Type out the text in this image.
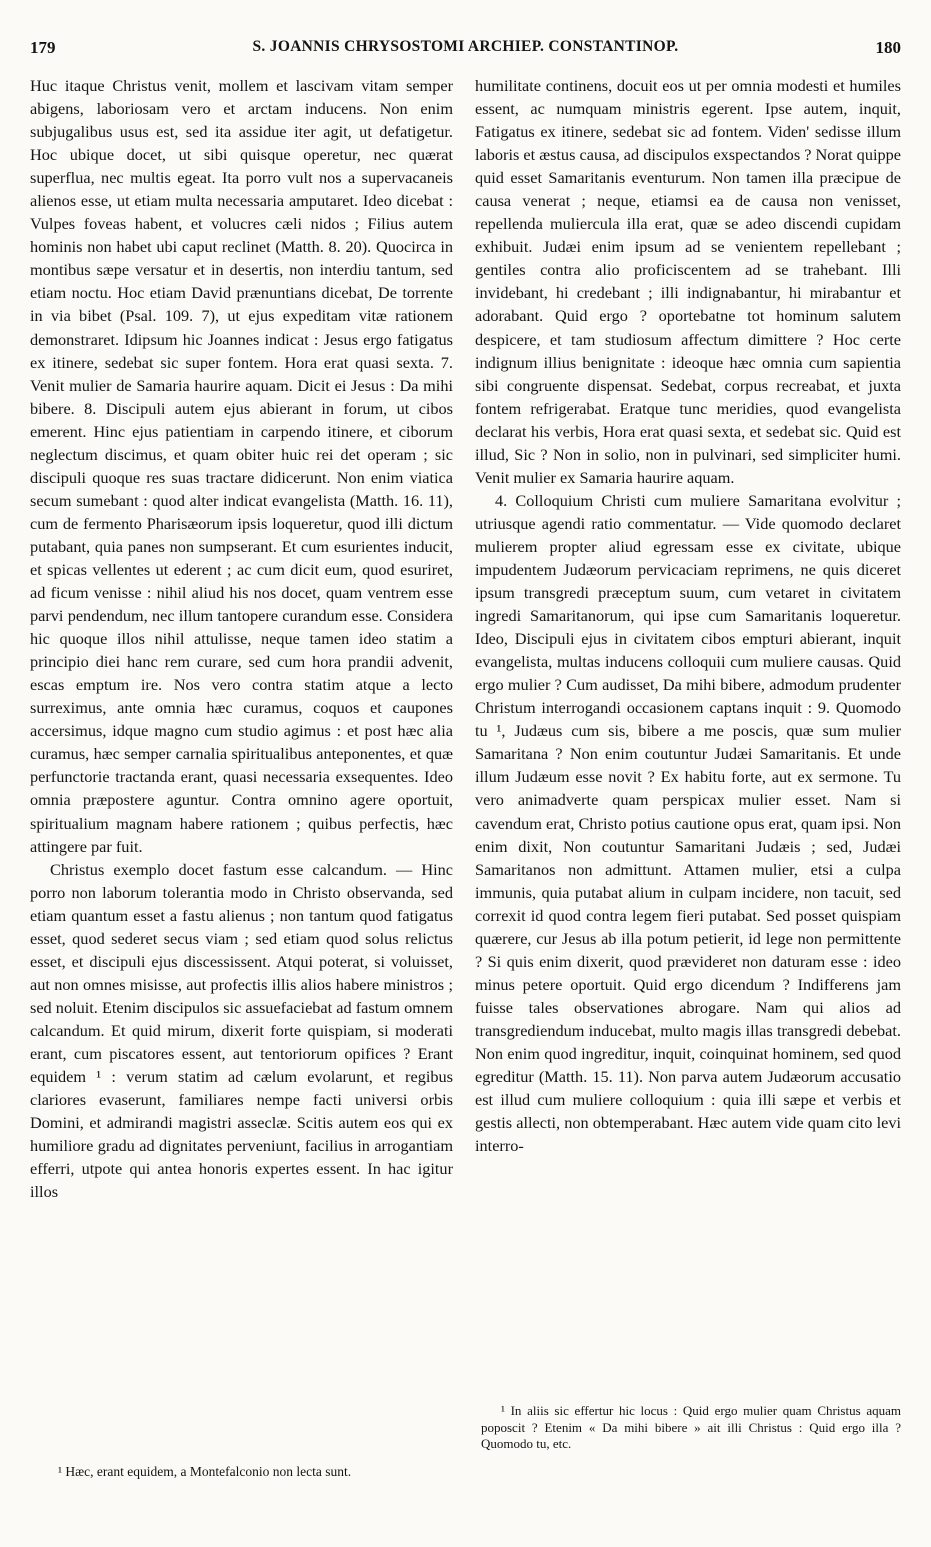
179	S. JOANNIS CHRYSOSTOMI ARCHIEP. CONSTANTINOP.	180

Huc itaque Christus venit, mollem et lascivam vitam semper abigens, laboriosam vero et arctam inducens. Non enim subjugalibus usus est, sed ita assidue iter agit, ut defatigetur. Hoc ubique docet, ut sibi quisque operetur, nec quærat superflua, nec multis egeat. Ita porro vult nos a supervacaneis alienos esse, ut etiam multa necessaria amputaret. Ideo dicebat : Vulpes foveas habent, et volucres cæli nidos ; Filius autem hominis non habet ubi caput reclinet (Matth. 8. 20). Quocirca in montibus sæpe versatur et in desertis, non interdiu tantum, sed etiam noctu. Hoc etiam David prænuntians dicebat, De torrente in via bibet (Psal. 109. 7), ut ejus expeditam vitæ rationem demonstraret. Idipsum hic Joannes indicat : Jesus ergo fatigatus ex itinere, sedebat sic super fontem. Hora erat quasi sexta. 7. Venit mulier de Samaria haurire aquam. Dicit ei Jesus : Da mihi bibere. 8. Discipuli autem ejus abierant in forum, ut cibos emerent. Hinc ejus patientiam in carpendo itinere, et ciborum neglectum discimus, et quam obiter huic rei det operam ; sic discipuli quoque res suas tractare didicerunt. Non enim viatica secum sumebant : quod alter indicat evangelista (Matth. 16. 11), cum de fermento Pharisæorum ipsis loqueretur, quod illi dictum putabant, quia panes non sumpserant. Et cum esurientes inducit, et spicas vellentes ut ederent ; ac cum dicit eum, quod esuriret, ad ficum venisse : nihil aliud his nos docet, quam ventrem esse parvi pendendum, nec illum tantopere curandum esse. Considera hic quoque illos nihil attulisse, neque tamen ideo statim a principio diei hanc rem curare, sed cum hora prandii advenit, escas emptum ire. Nos vero contra statim atque a lecto surreximus, ante omnia hæc curamus, coquos et caupones accersimus, idque magno cum studio agimus : et post hæc alia curamus, hæc semper carnalia spiritualibus anteponentes, et quæ perfunctorie tractanda erant, quasi necessaria exsequentes. Ideo omnia præpostere aguntur. Contra omnino agere oportuit, spiritualium magnam habere rationem ; quibus perfectis, hæc attingere par fuit.

Christus exemplo docet fastum esse calcandum. — Hinc porro non laborum tolerantia modo in Christo observanda, sed etiam quantum esset a fastu alienus ; non tantum quod fatigatus esset, quod sederet secus viam ; sed etiam quod solus relictus esset, et discipuli ejus discessissent. Atqui poterat, si voluisset, aut non omnes misisse, aut profectis illis alios habere ministros ; sed noluit. Etenim discipulos sic assuefaciebat ad fastum omnem calcandum. Et quid mirum, dixerit forte quispiam, si moderati erant, cum piscatores essent, aut tentoriorum opifices ? Erant equidem ¹ : verum statim ad cælum evolarunt, et regibus clariores evaserunt, familiares nempe facti universi orbis Domini, et admirandi magistri asseclæ. Scitis autem eos qui ex humiliore gradu ad dignitates perveniunt, facilius in arrogantiam efferri, utpote qui antea honoris expertes essent. In hac igitur illos

humilitate continens, docuit eos ut per omnia modesti et humiles essent, ac numquam ministris egerent. Ipse autem, inquit, Fatigatus ex itinere, sedebat sic ad fontem. Viden' sedisse illum laboris et æstus causa, ad discipulos exspectandos ? Norat quippe quid esset Samaritanis eventurum. Non tamen illa præcipue de causa venerat ; neque, etiamsi ea de causa non venisset, repellenda muliercula illa erat, quæ se adeo discendi cupidam exhibuit. Judæi enim ipsum ad se venientem repellebant ; gentiles contra alio proficiscentem ad se trahebant. Illi invidebant, hi credebant ; illi indignabantur, hi mirabantur et adorabant. Quid ergo ? oportebatne tot hominum salutem despicere, et tam studiosum affectum dimittere ? Hoc certe indignum illius benignitate : ideoque hæc omnia cum sapientia sibi congruente dispensat. Sedebat, corpus recreabat, et juxta fontem refrigerabat. Eratque tunc meridies, quod evangelista declarat his verbis, Hora erat quasi sexta, et sedebat sic. Quid est illud, Sic ? Non in solio, non in pulvinari, sed simpliciter humi. Venit mulier ex Samaria haurire aquam.

4. Colloquium Christi cum muliere Samaritana evolvitur ; utriusque agendi ratio commentatur. — Vide quomodo declaret mulierem propter aliud egressam esse ex civitate, ubique impudentem Judæorum pervicaciam reprimens, ne quis diceret ipsum transgredi præceptum suum, cum vetaret in civitatem ingredi Samaritanorum, qui ipse cum Samaritanis loqueretur. Ideo, Discipuli ejus in civitatem cibos empturi abierant, inquit evangelista, multas inducens colloquii cum muliere causas. Quid ergo mulier ? Cum audisset, Da mihi bibere, admodum prudenter Christum interrogandi occasionem captans inquit : 9. Quomodo tu ¹, Judæus cum sis, bibere a me poscis, quæ sum mulier Samaritana ? Non enim coutuntur Judæi Samaritanis. Et unde illum Judæum esse novit ? Ex habitu forte, aut ex sermone. Tu vero animadverte quam perspicax mulier esset. Nam si cavendum erat, Christo potius cautione opus erat, quam ipsi. Non enim dixit, Non coutuntur Samaritani Judæis ; sed, Judæi Samaritanos non admittunt. Attamen mulier, etsi a culpa immunis, quia putabat alium in culpam incidere, non tacuit, sed correxit id quod contra legem fieri putabat. Sed posset quispiam quærere, cur Jesus ab illa potum petierit, id lege non permittente ? Si quis enim dixerit, quod prævideret non daturam esse : ideo minus petere oportuit. Quid ergo dicendum ? Indifferens jam fuisse tales observationes abrogare. Nam qui alios ad transgrediendum inducebat, multo magis illas transgredi debebat. Non enim quod ingreditur, inquit, coinquinat hominem, sed quod egreditur (Matth. 15. 11). Non parva autem Judæorum accusatio est illud cum muliere colloquium : quia illi sæpe et verbis et gestis allecti, non obtemperabant. Hæc autem vide quam cito levi interro-

¹ Hæc, erant equidem, a Montefalconio non lecta sunt.

¹ In aliis sic effertur hic locus : Quid ergo mulier quam Christus aquam poposcit ? Etenim « Da mihi bibere » ait illi Christus : Quid ergo illa ? Quomodo tu, etc.
